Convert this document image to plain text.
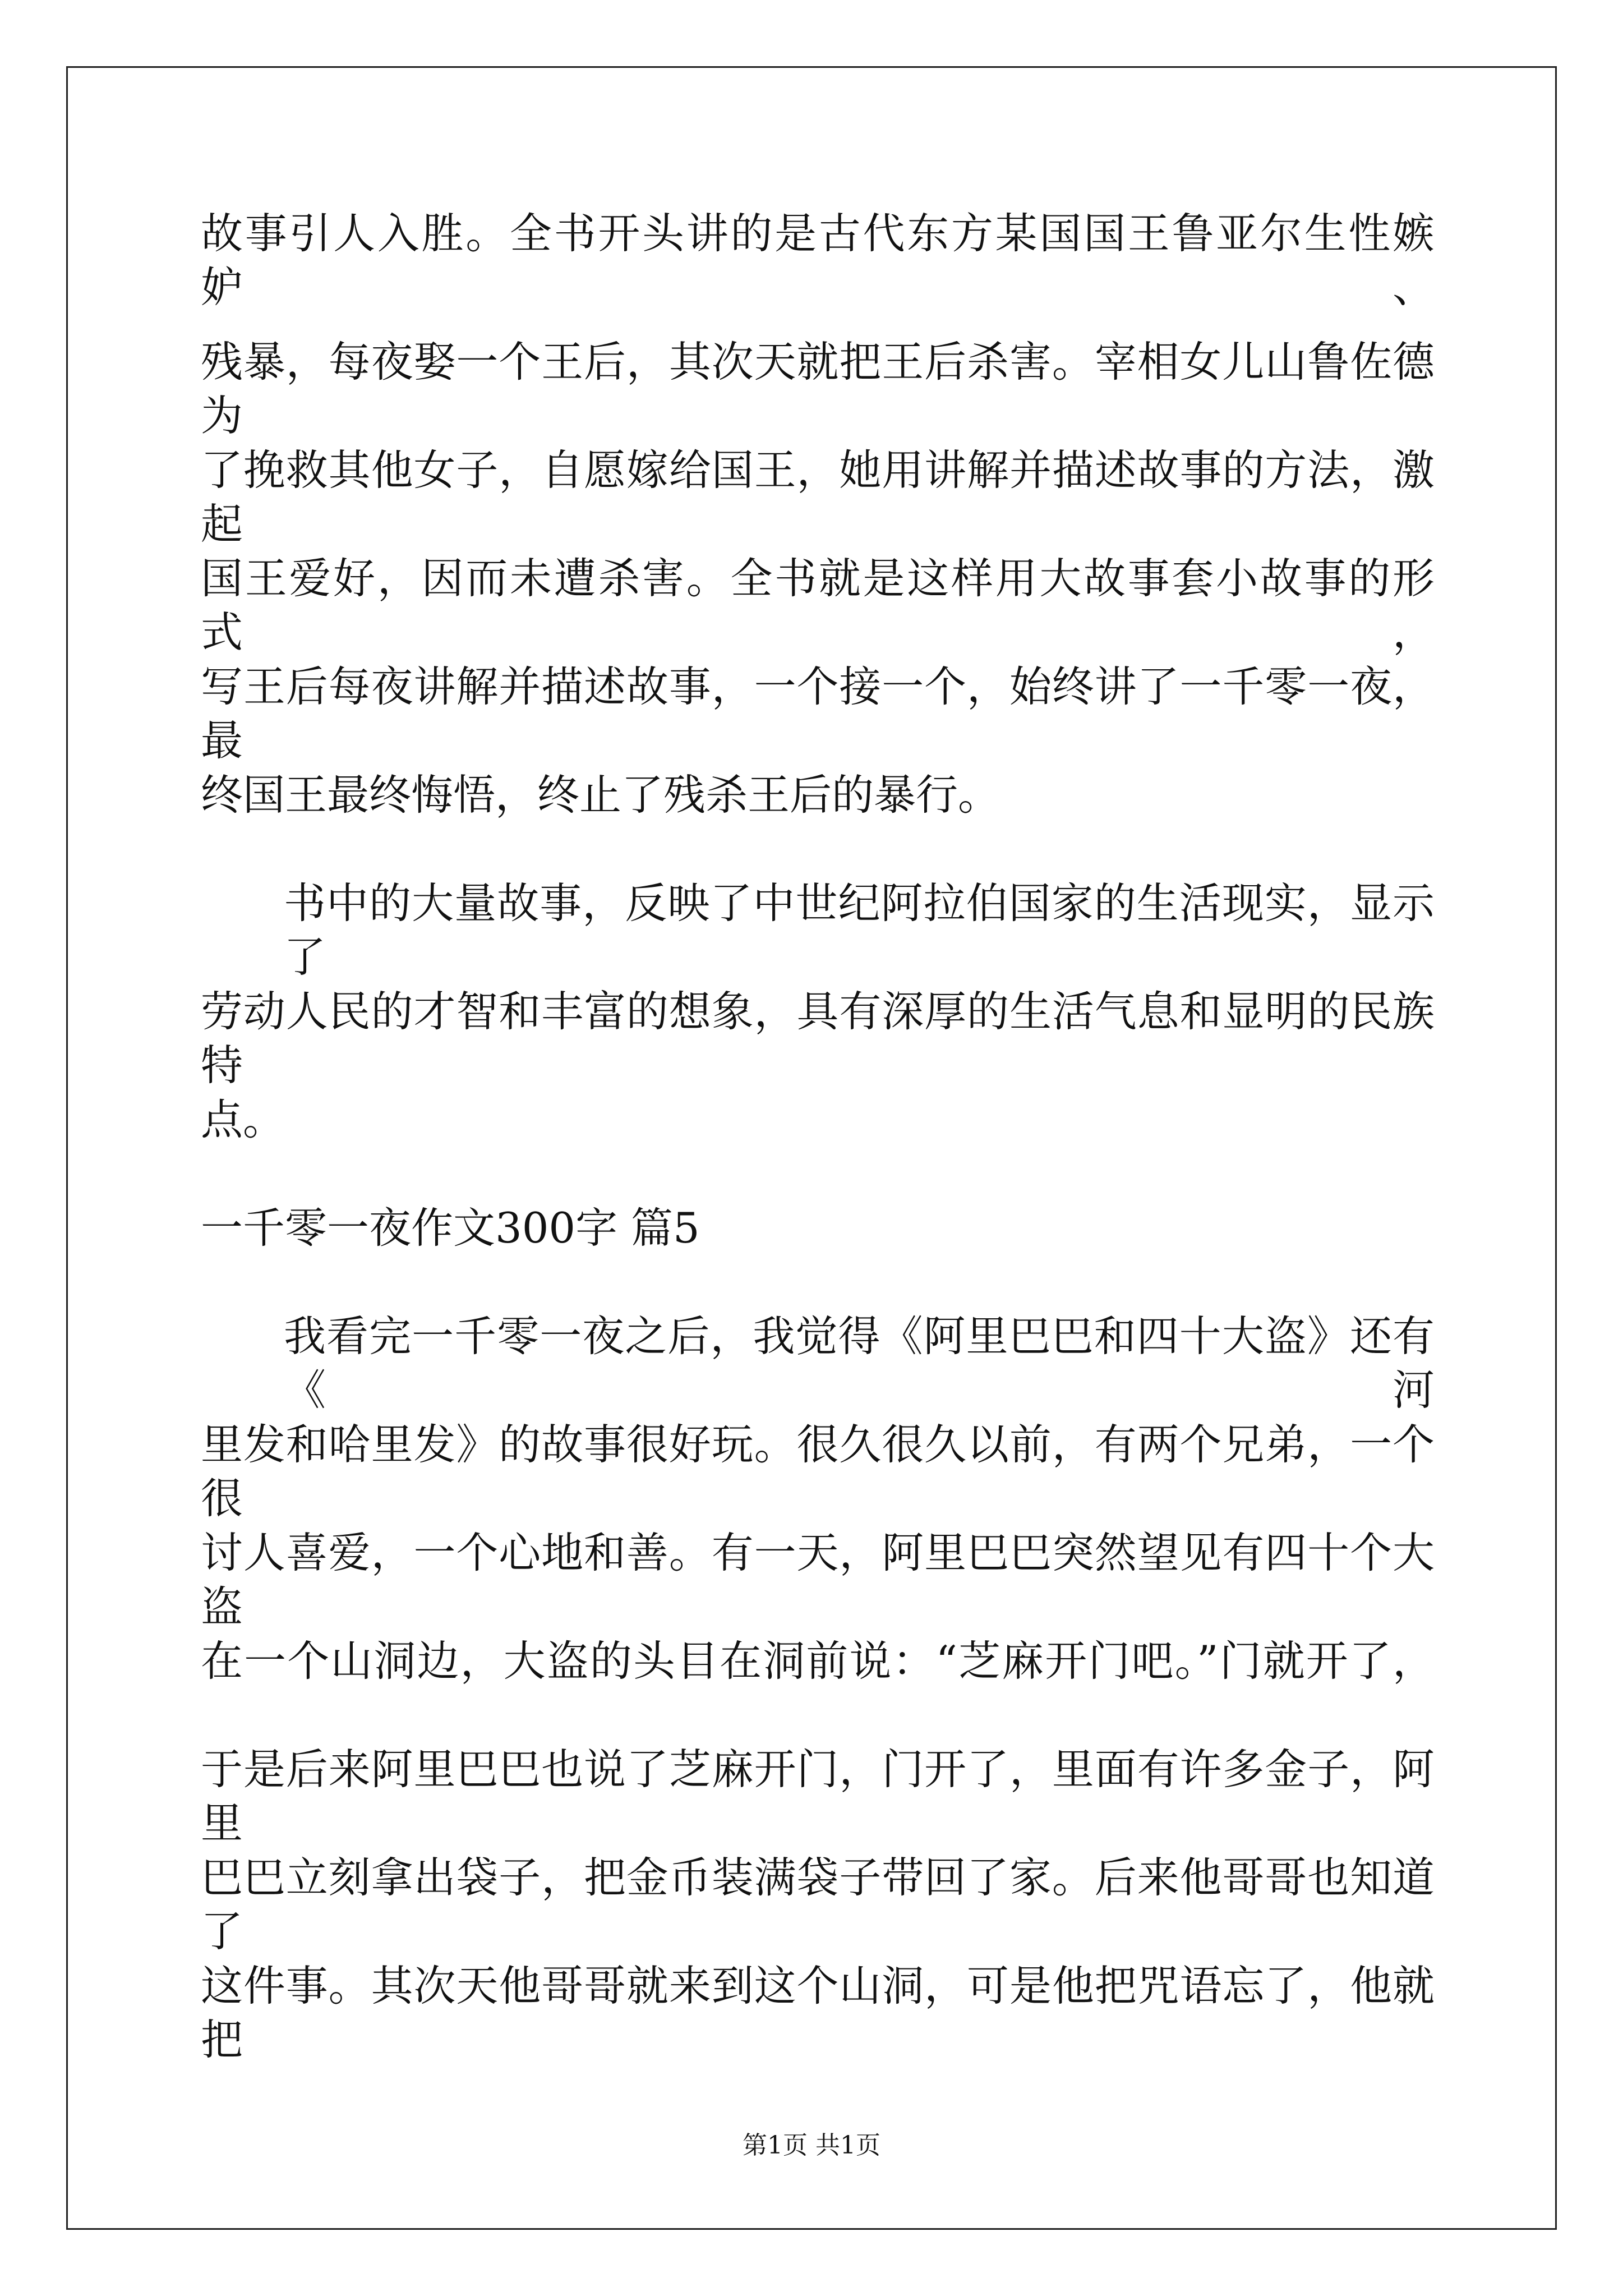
故事引人入胜。全书开头讲的是古代东方某国国王鲁亚尔生性嫉妒、
残暴，每夜娶一个王后，其次天就把王后杀害。宰相女儿山鲁佐德为
了挽救其他女子，自愿嫁给国王，她用讲解并描述故事的方法，激起
国王爱好，因而未遭杀害。全书就是这样用大故事套小故事的形式，
写王后每夜讲解并描述故事，一个接一个，始终讲了一千零一夜，最
终国王最终悔悟，终止了残杀王后的暴行。
书中的大量故事，反映了中世纪阿拉伯国家的生活现实，显示了
劳动人民的才智和丰富的想象，具有深厚的生活气息和显明的民族特
点。
一千零一夜作文300字 篇5
我看完一千零一夜之后，我觉得《阿里巴巴和四十大盗》还有《河
里发和哈里发》的故事很好玩。很久很久以前，有两个兄弟，一个很
讨人喜爱，一个心地和善。有一天，阿里巴巴突然望见有四十个大盗
在一个山洞边，大盗的头目在洞前说：“芝麻开门吧。”门就开了，
于是后来阿里巴巴也说了芝麻开门，门开了，里面有许多金子，阿里
巴巴立刻拿出袋子，把金币装满袋子带回了家。后来他哥哥也知道了
这件事。其次天他哥哥就来到这个山洞，可是他把咒语忘了，他就把
第1页 共1页
